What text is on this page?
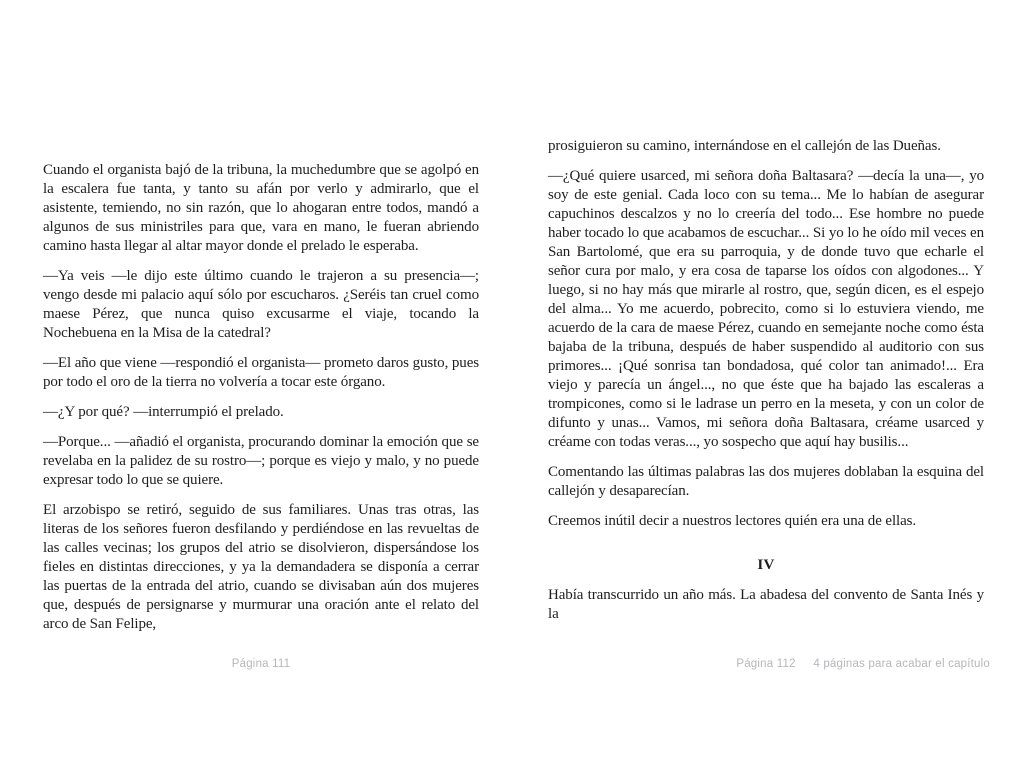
Cuando el organista bajó de la tribuna, la muchedumbre que se agolpó en la escalera fue tanta, y tanto su afán por verlo y admirarlo, que el asistente, temiendo, no sin razón, que lo ahogaran entre todos, mandó a algunos de sus ministriles para que, vara en mano, le fueran abriendo camino hasta llegar al altar mayor donde el prelado le esperaba.

—Ya veis —le dijo este último cuando le trajeron a su presencia—; vengo desde mi palacio aquí sólo por escucharos. ¿Seréis tan cruel como maese Pérez, que nunca quiso excusarme el viaje, tocando la Nochebuena en la Misa de la catedral?

—El año que viene —respondió el organista— prometo daros gusto, pues por todo el oro de la tierra no volvería a tocar este órgano.

—¿Y por qué? —interrumpió el prelado.

—Porque... —añadió el organista, procurando dominar la emoción que se revelaba en la palidez de su rostro—; porque es viejo y malo, y no puede expresar todo lo que se quiere.

El arzobispo se retiró, seguido de sus familiares. Unas tras otras, las literas de los señores fueron desfilando y perdiéndose en las revueltas de las calles vecinas; los grupos del atrio se disolvieron, dispersándose los fieles en distintas direcciones, y ya la demandadera se disponía a cerrar las puertas de la entrada del atrio, cuando se divisaban aún dos mujeres que, después de persignarse y murmurar una oración ante el relato del arco de San Felipe,

prosiguieron su camino, internándose en el callejón de las Dueñas.

—¿Qué quiere usarced, mi señora doña Baltasara? —decía la una—, yo soy de este genial. Cada loco con su tema... Me lo habían de asegurar capuchinos descalzos y no lo creería del todo... Ese hombre no puede haber tocado lo que acabamos de escuchar... Si yo lo he oído mil veces en San Bartolomé, que era su parroquia, y de donde tuvo que echarle el señor cura por malo, y era cosa de taparse los oídos con algodones... Y luego, si no hay más que mirarle al rostro, que, según dicen, es el espejo del alma... Yo me acuerdo, pobrecito, como si lo estuviera viendo, me acuerdo de la cara de maese Pérez, cuando en semejante noche como ésta bajaba de la tribuna, después de haber suspendido al auditorio con sus primores... ¡Qué sonrisa tan bondadosa, qué color tan animado!... Era viejo y parecía un ángel..., no que éste que ha bajado las escaleras a trompicones, como si le ladrase un perro en la meseta, y con un color de difunto y unas... Vamos, mi señora doña Baltasara, créame usarced y créame con todas veras..., yo sospecho que aquí hay busilis...

Comentando las últimas palabras las dos mujeres doblaban la esquina del callejón y desaparecían.

Creemos inútil decir a nuestros lectores quién era una de ellas.

IV

Había transcurrido un año más. La abadesa del convento de Santa Inés y la

Página 111	Página 112	4 páginas para acabar el capítulo
